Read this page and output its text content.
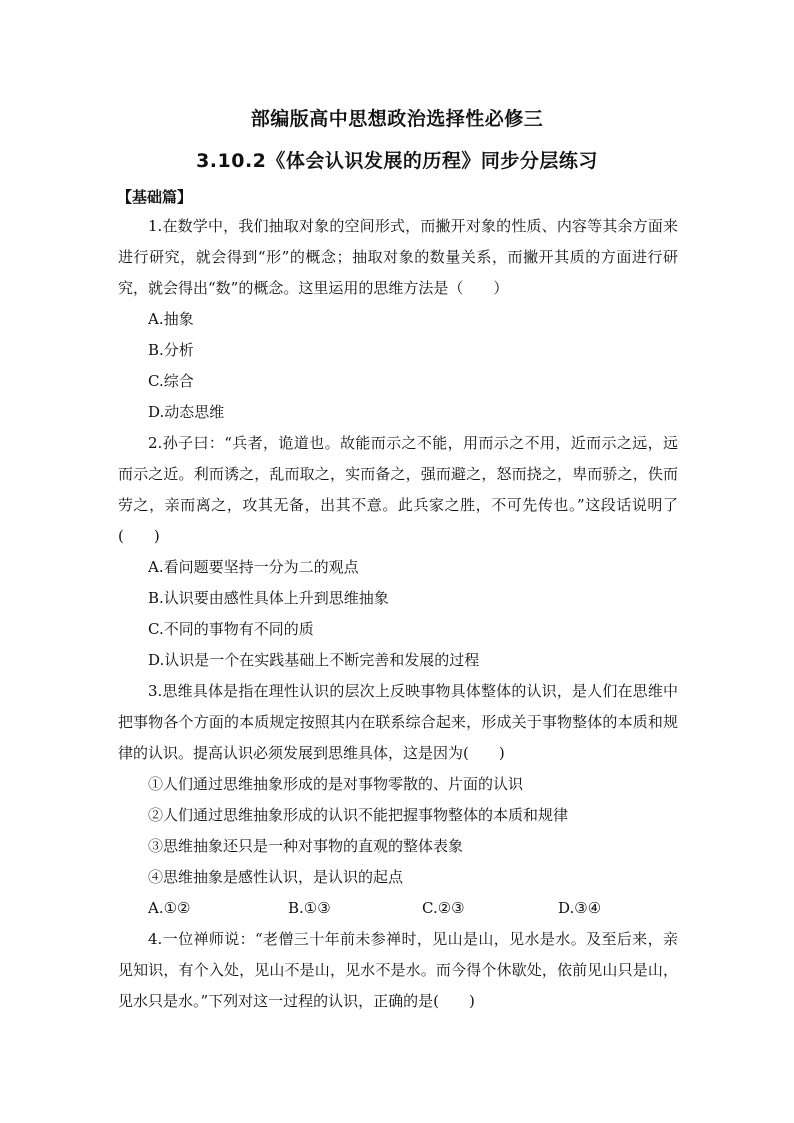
部编版高中思想政治选择性必修三
3.10.2《体会认识发展的历程》同步分层练习
【基础篇】

1.在数学中，我们抽取对象的空间形式，而撇开对象的性质、内容等其余方面来进行研究，就会得到“形”的概念；抽取对象的数量关系，而撇开其质的方面进行研究，就会得出“数”的概念。这里运用的思维方法是（　　）

A.抽象

B.分析

C.综合

D.动态思维

2.孙子曰：“兵者，诡道也。故能而示之不能，用而示之不用，近而示之远，远而示之近。利而诱之，乱而取之，实而备之，强而避之，怒而挠之，卑而骄之，佚而劳之，亲而离之，攻其无备，出其不意。此兵家之胜，不可先传也。”这段话说明了(　　)

A.看问题要坚持一分为二的观点

B.认识要由感性具体上升到思维抽象

C.不同的事物有不同的质

D.认识是一个在实践基础上不断完善和发展的过程

3.思维具体是指在理性认识的层次上反映事物具体整体的认识，是人们在思维中把事物各个方面的本质规定按照其内在联系综合起来，形成关于事物整体的本质和规律的认识。提高认识必须发展到思维具体，这是因为(　　)

①人们通过思维抽象形成的是对事物零散的、片面的认识

②人们通过思维抽象形成的认识不能把握事物整体的本质和规律

③思维抽象还只是一种对事物的直观的整体表象

④思维抽象是感性认识，是认识的起点

A.①②	B.①③	C.②③	D.③④

4.一位禅师说：“老僧三十年前未参禅时，见山是山，见水是水。及至后来，亲见知识，有个入处，见山不是山，见水不是水。而今得个休歇处，依前见山只是山，见水只是水。”下列对这一过程的认识，正确的是(　　)
